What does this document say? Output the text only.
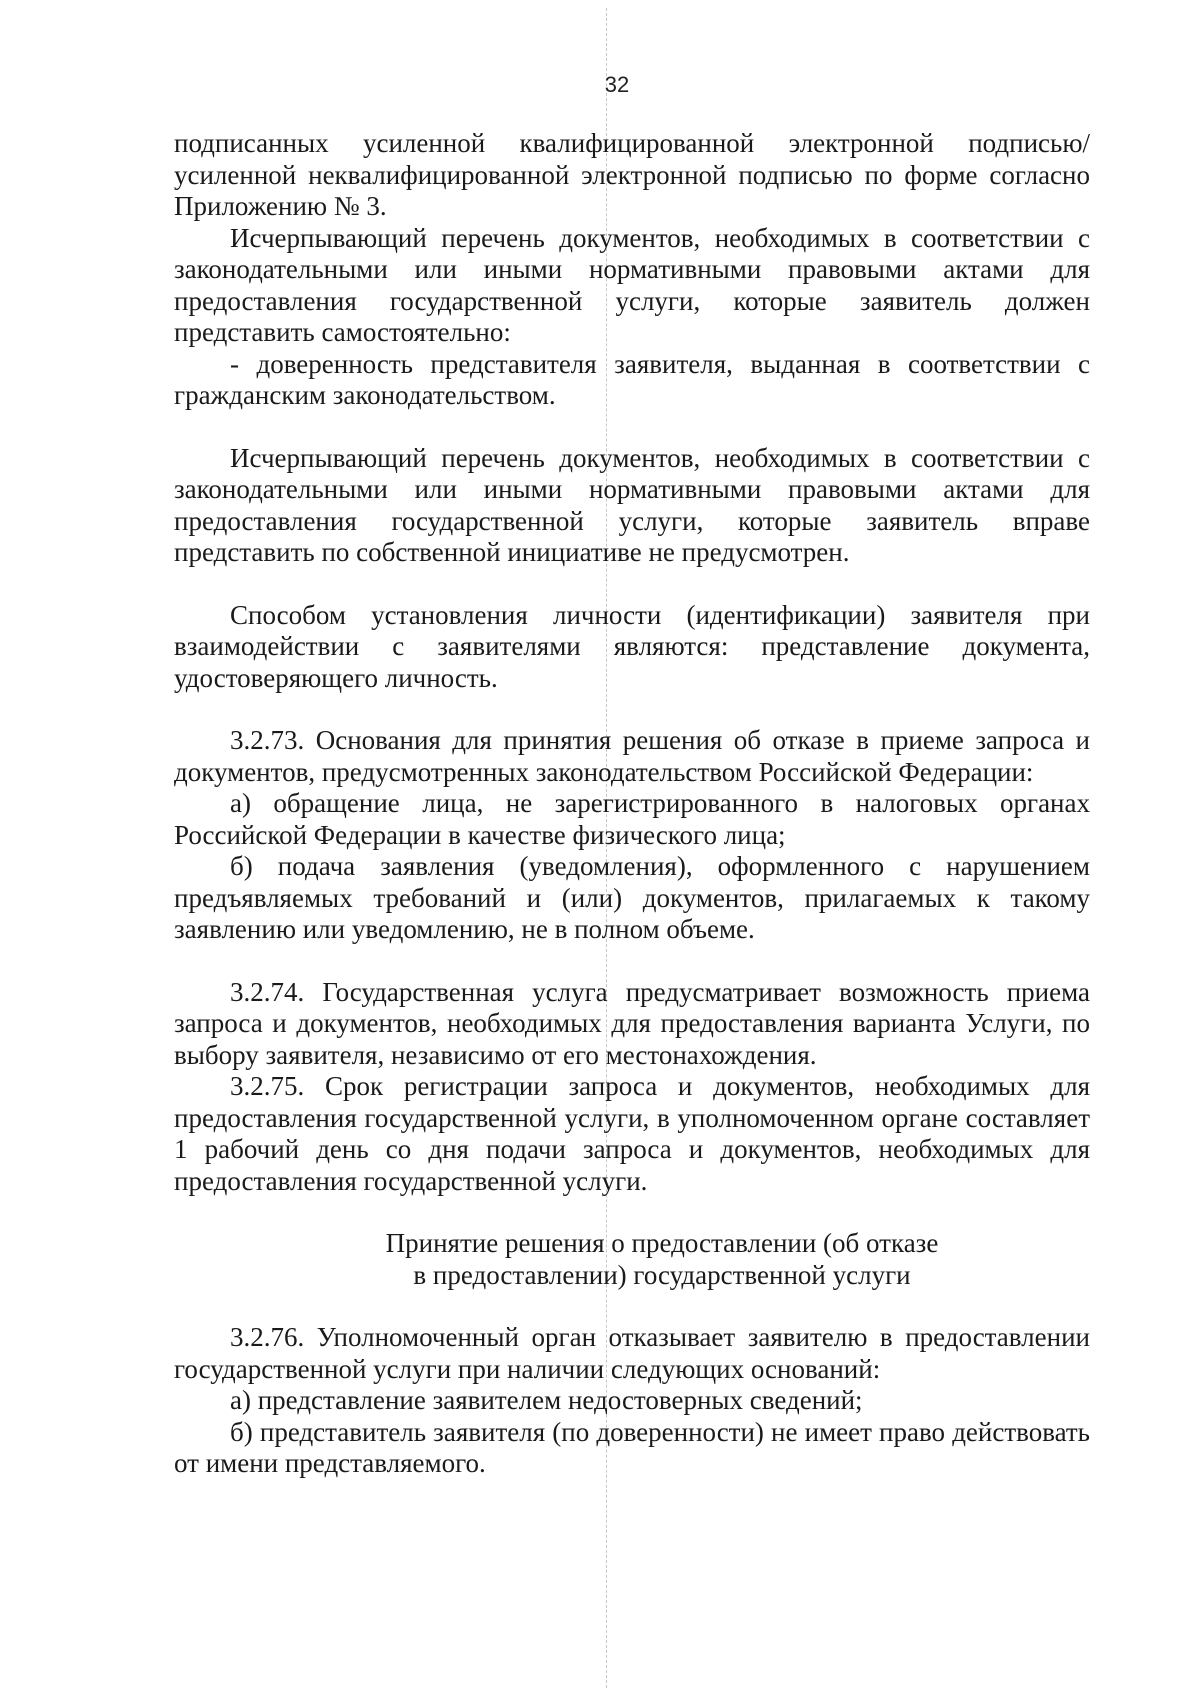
32

подписанных усиленной квалифицированной электронной подписью/усиленной неквалифицированной электронной подписью по форме согласно Приложению № 3.

Исчерпывающий перечень документов, необходимых в соответствии с законодательными или иными нормативными правовыми актами для предоставления государственной услуги, которые заявитель должен представить самостоятельно:

- доверенность представителя заявителя, выданная в соответствии с гражданским законодательством.

Исчерпывающий перечень документов, необходимых в соответствии с законодательными или иными нормативными правовыми актами для предоставления государственной услуги, которые заявитель вправе представить по собственной инициативе не предусмотрен.

Способом установления личности (идентификации) заявителя при взаимодействии с заявителями являются: представление документа, удостоверяющего личность.

3.2.73. Основания для принятия решения об отказе в приеме запроса и документов, предусмотренных законодательством Российской Федерации:

а) обращение лица, не зарегистрированного в налоговых органах Российской Федерации в качестве физического лица;

б) подача заявления (уведомления), оформленного с нарушением предъявляемых требований и (или) документов, прилагаемых к такому заявлению или уведомлению, не в полном объеме.

3.2.74. Государственная услуга предусматривает возможность приема запроса и документов, необходимых для предоставления варианта Услуги, по выбору заявителя, независимо от его местонахождения.

3.2.75. Срок регистрации запроса и документов, необходимых для предоставления государственной услуги, в уполномоченном органе составляет 1 рабочий день со дня подачи запроса и документов, необходимых для предоставления государственной услуги.

Принятие решения о предоставлении (об отказе

в предоставлении) государственной услуги

3.2.76. Уполномоченный орган отказывает заявителю в предоставлении государственной услуги при наличии следующих оснований:

а) представление заявителем недостоверных сведений;

б) представитель заявителя (по доверенности) не имеет право действовать от имени представляемого.
